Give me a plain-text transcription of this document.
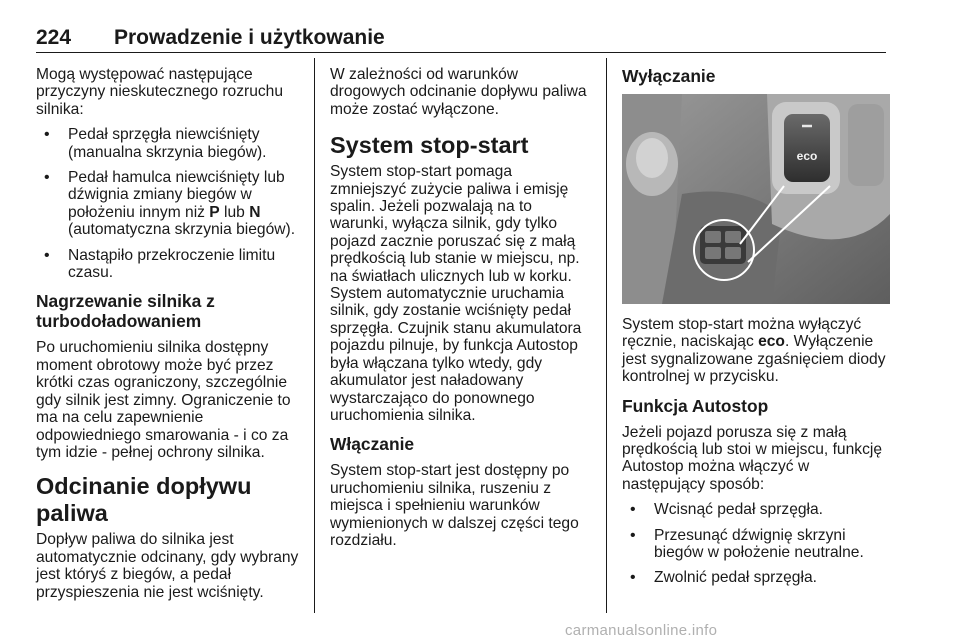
224 Prowadzenie i użytkowanie

Mogą występować następujące przyczyny nieskutecznego rozruchu silnika:

• Pedał sprzęgła niewciśnięty (manualna skrzynia biegów).
• Pedał hamulca niewciśnięty lub dźwignia zmiany biegów w położeniu innym niż P lub N (automatyczna skrzynia biegów).
• Nastąpiło przekroczenie limitu czasu.
Nagrzewanie silnika z turbodoładowaniem

Po uruchomieniu silnika dostępny moment obrotowy może być przez krótki czas ograniczony, szczególnie gdy silnik jest zimny. Ograniczenie to ma na celu zapewnienie odpowiedniego smarowania - i co za tym idzie - pełnej ochrony silnika.

Odcinanie dopływu paliwa

Dopływ paliwa do silnika jest automatycznie odcinany, gdy wybrany jest któryś z biegów, a pedał przyspieszenia nie jest wciśnięty.

W zależności od warunków drogowych odcinanie dopływu paliwa może zostać wyłączone.

System stop-start

System stop-start pomaga zmniejszyć zużycie paliwa i emisję spalin. Jeżeli pozwalają na to warunki, wyłącza silnik, gdy tylko pojazd zacznie poruszać się z małą prędkością lub stanie w miejscu, np. na światłach ulicznych lub w korku. System automatycznie uruchamia silnik, gdy zostanie wciśnięty pedał sprzęgła. Czujnik stanu akumulatora pojazdu pilnuje, by funkcja Autostop była włączana tylko wtedy, gdy akumulator jest naładowany wystarczająco do ponownego uruchomienia silnika.

Włączanie

System stop-start jest dostępny po uruchomieniu silnika, ruszeniu z miejsca i spełnieniu warunków wymienionych w dalszej części tego rozdziału.

Wyłączanie
eco

System stop-start można wyłączyć ręcznie, naciskając eco. Wyłączenie jest sygnalizowane zgaśnięciem diody kontrolnej w przycisku.

Funkcja Autostop

Jeżeli pojazd porusza się z małą prędkością lub stoi w miejscu, funkcję Autostop można włączyć w następujący sposób:

• Wcisnąć pedał sprzęgła.
• Przesunąć dźwignię skrzyni biegów w położenie neutralne.
• Zwolnić pedał sprzęgła.
carmanualsonline.info
